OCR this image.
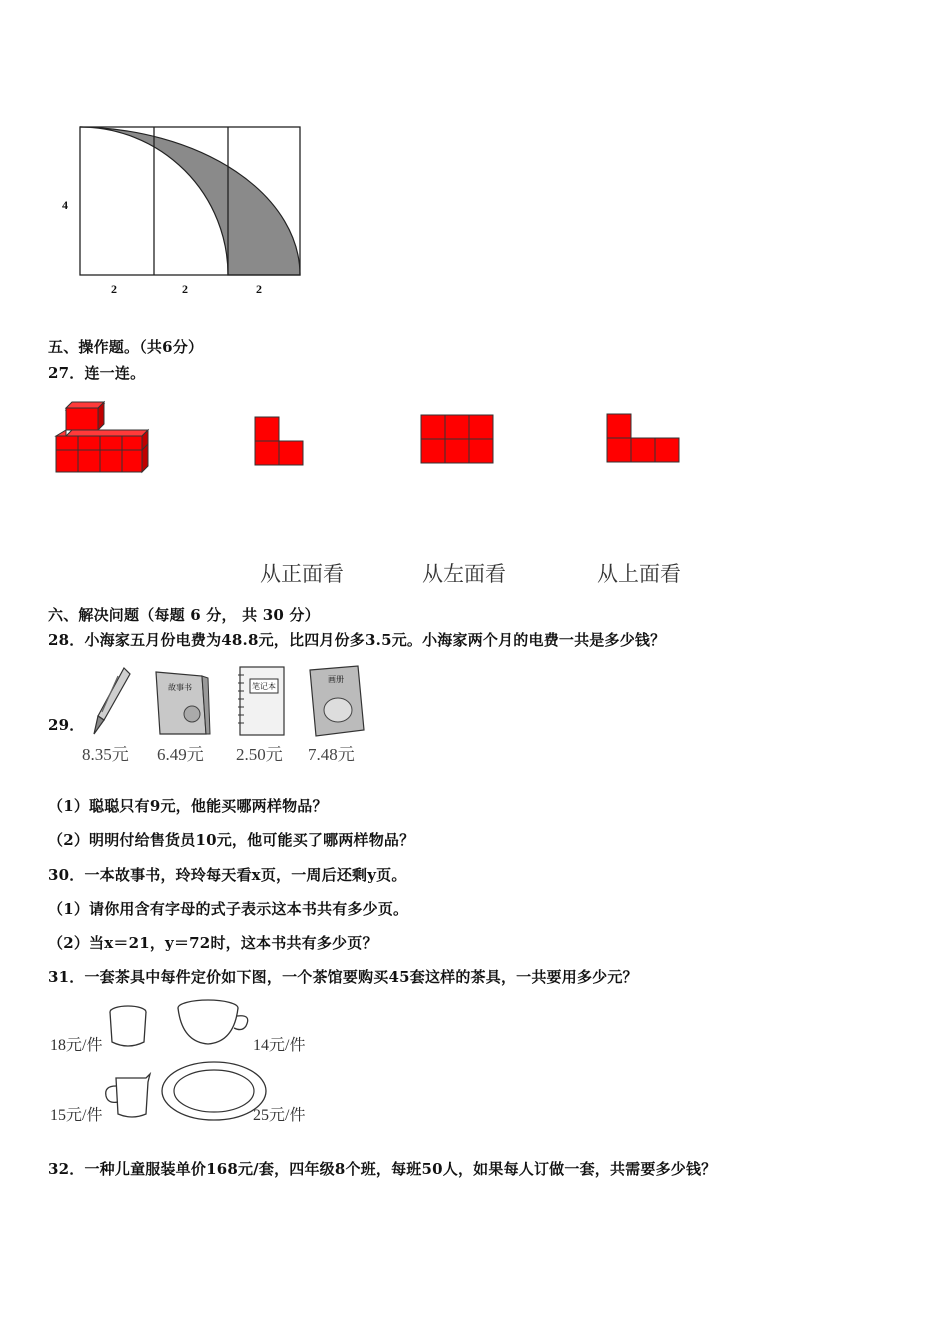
4
2	2	2
五、操作题。（共6分）
27．连一连。
从正面看	从左面看	从上面看
六、解决问题（每题 6 分， 共 30 分）
28．小海家五月份电费为48.8元，比四月份多3.5元。小海家两个月的电费一共是多少钱？
29．
故事书	笔记本
画册
8.35元 6.49元 2.50元 7.48元
（1）聪聪只有9元，他能买哪两样物品？
（2）明明付给售货员10元，他可能买了哪两样物品？
30．一本故事书，玲玲每天看x页，一周后还剩y页。
（1）请你用含有字母的式子表示这本书共有多少页。
（2）当x＝21，y＝72时，这本书共有多少页？
31．一套茶具中每件定价如下图，一个茶馆要购买45套这样的茶具，一共要用多少元？
18元/件	14元/件
15元/件	25元/件
32．一种儿童服装单价168元/套，四年级8个班，每班50人，如果每人订做一套，共需要多少钱？
